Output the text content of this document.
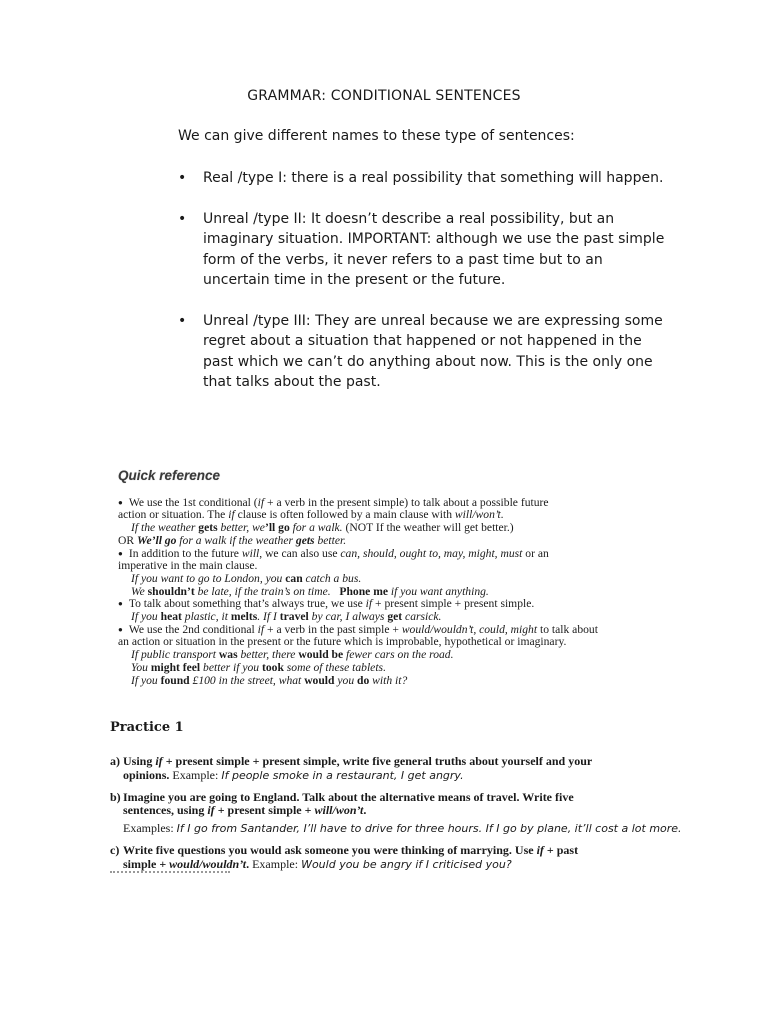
GRAMMAR: CONDITIONAL SENTENCES
We can give different names to these type of sentences:
• Real /type I: there is a real possibility that something will happen.
• Unreal /type II: It doesn’t describe a real possibility, but an imaginary situation. IMPORTANT: although we use the past simple form of the verbs, it never refers to a past time but to an uncertain time in the present or the future.
• Unreal /type III: They are unreal because we are expressing some regret about a situation that happened or not happened in the past which we can’t do anything about now. This is the only one that talks about the past.
Quick reference

● We use the 1st conditional (if + a verb in the present simple) to talk about a possible future

action or situation. The if clause is often followed by a main clause with will/won’t.

If the weather gets better, we’ll go for a walk. (NOT If the weather will get better.)

OR We’ll go for a walk if the weather gets better.

● In addition to the future will, we can also use can, should, ought to, may, might, must or an

imperative in the main clause.

If you want to go to London, you can catch a bus.

We shouldn’t be late, if the train’s on time. Phone me if you want anything.

● To talk about something that’s always true, we use if + present simple + present simple.

If you heat plastic, it melts. If I travel by car, I always get carsick.

● We use the 2nd conditional if + a verb in the past simple + would/wouldn’t, could, might to talk about

an action or situation in the present or the future which is improbable, hypothetical or imaginary.

If public transport was better, there would be fewer cars on the road.

You might feel better if you took some of these tablets.

If you found £100 in the street, what would you do with it?

Practice 1
a) Using if + present simple + present simple, write five general truths about yourself and your
opinions. Example: If people smoke in a restaurant, I get angry.
b) Imagine you are going to England. Talk about the alternative means of travel. Write five
sentences, using if + present simple + will/won’t.
Examples: If I go from Santander, I’ll have to drive for three hours. If I go by plane, it’ll cost a lot more.
c) Write five questions you would ask someone you were thinking of marrying. Use if + past
simple + would/wouldn’t. Example: Would you be angry if I criticised you?
